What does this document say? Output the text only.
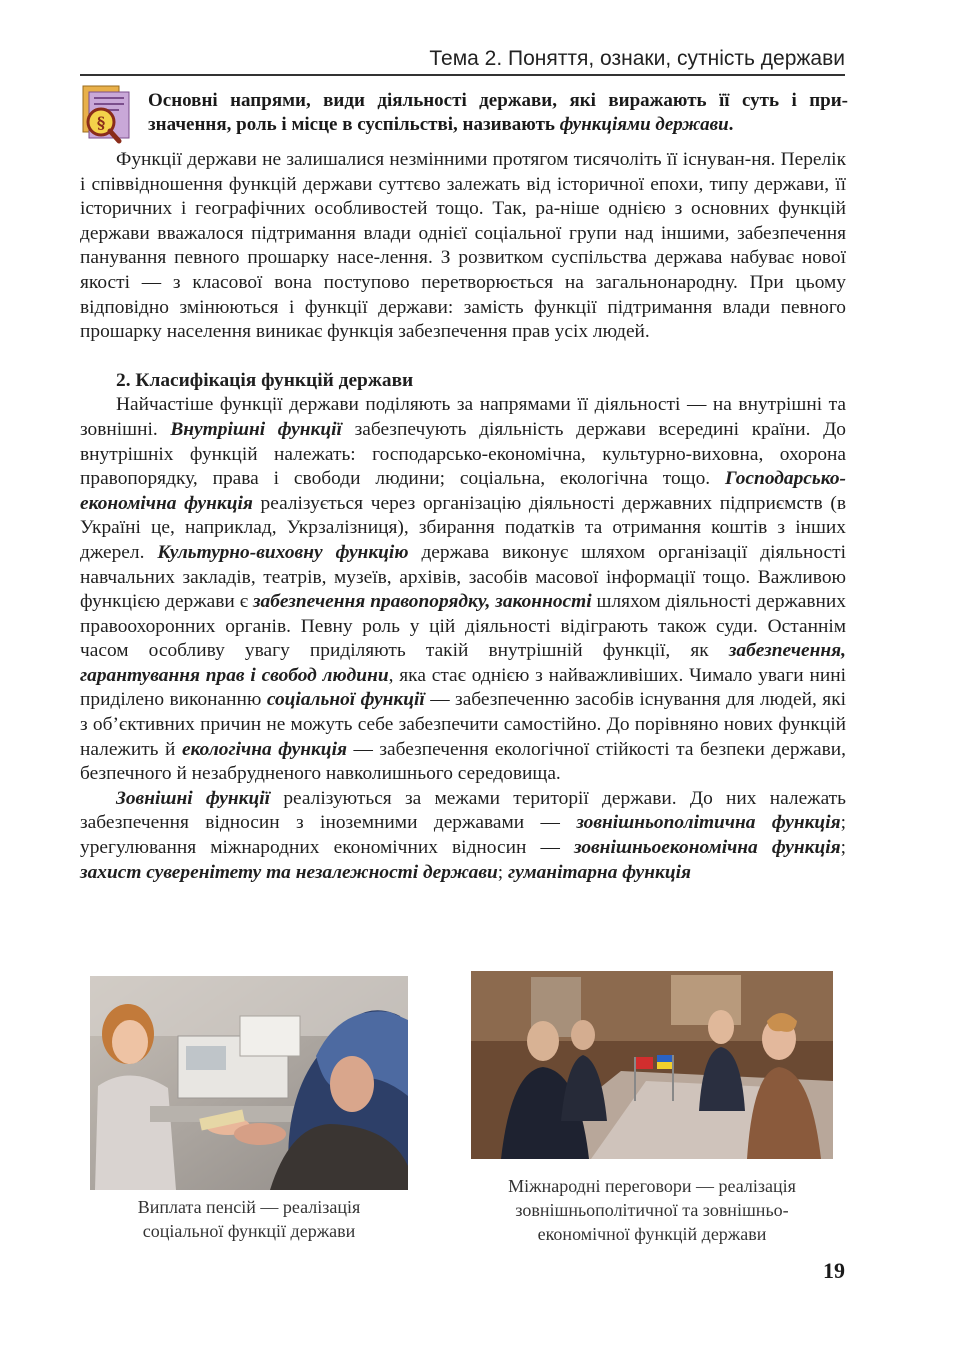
Тема 2. Поняття, ознаки, сутність держави
§

Основні напрями, види діяльності держави, які виражають її суть і при-значення, роль і місце в суспільстві, називають функціями держави.

Функції держави не залишалися незмінними протягом тисячоліть її існуван-ня. Перелік і співвідношення функцій держави суттєво залежать від історичної епохи, типу держави, її історичних і географічних особливостей тощо. Так, ра-ніше однією з основних функцій держави вважалося підтримання влади однієї соціальної групи над іншими, забезпечення панування певного прошарку насе-лення. З розвитком суспільства держава набуває нової якості — з класової вона поступово перетворюється на загальнонародну. При цьому відповідно змінюються і функції держави: замість функції підтримання влади певного прошарку населення виникає функція забезпечення прав усіх людей.

2. Класифікація функцій держави

Найчастіше функції держави поділяють за напрямами її діяльності — на внутрішні та зовнішні. Внутрішні функції забезпечують діяльність держави всередині країни. До внутрішніх функцій належать: господарсько-економічна, культурно-виховна, охорона правопорядку, права і свободи людини; соціальна, екологічна тощо. Господарсько-економічна функція реалізується через організацію діяльності державних підприємств (в Україні це, наприклад, Укрзалізниця), збирання податків та отримання коштів з інших джерел. Культурно-виховну функцію держава виконує шляхом організації діяльності навчальних закладів, театрів, музеїв, архівів, засобів масової інформації тощо. Важливою функцією держави є забезпечення правопорядку, законності шляхом діяльності державних правоохоронних органів. Певну роль у цій діяльності відіграють також суди. Останнім часом особливу увагу приділяють такій внутрішній функції, як забезпечення, гарантування прав і свобод людини, яка стає однією з найважливіших. Чимало уваги нині приділено виконанню соціальної функції — забезпеченню засобів існування для людей, які з об’єктивних причин не можуть себе забезпечити самостійно. До порівняно нових функцій належить й екологічна функція — забезпечення екологічної стійкості та безпеки держави, безпечного й незабрудненого навколишнього середовища.

Зовнішні функції реалізуються за межами території держави. До них належать забезпечення відносин з іноземними державами — зовнішньополітична функція; урегулювання міжнародних економічних відносин — зовнішньоекономічна функція; захист суверенітету та незалежності держави; гуманітарна функція

Виплата пенсій — реалізація
соціальної функції держави
Міжнародні переговори — реалізація
зовнішньополітичної та зовнішньо-
економічної функцій держави
19
